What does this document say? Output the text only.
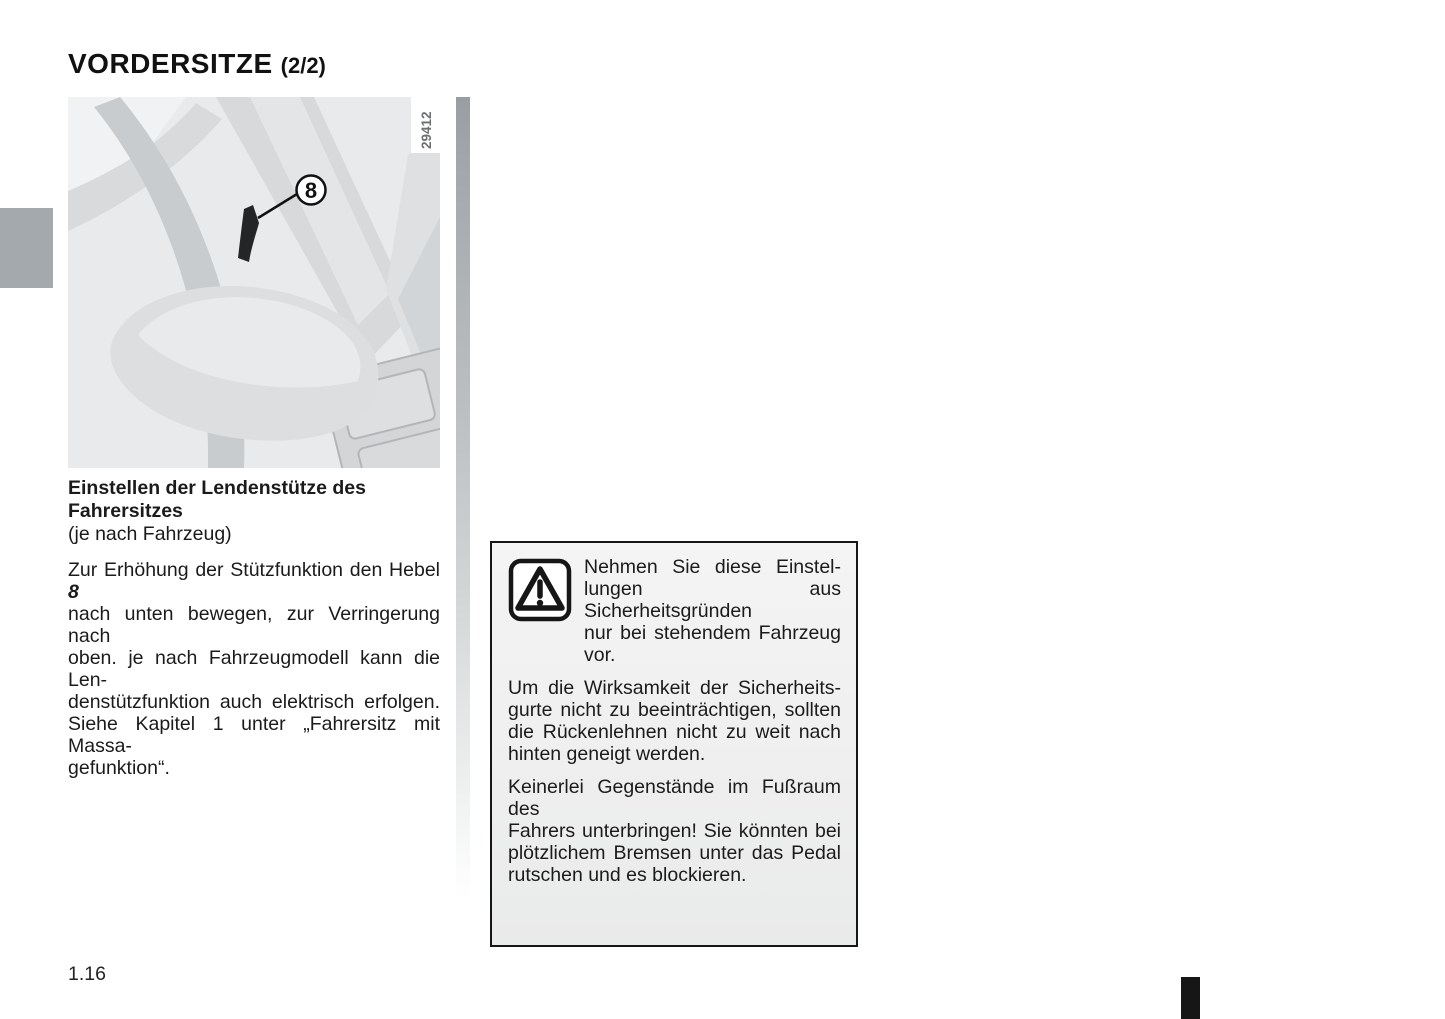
VORDERSITZE (2/2)
8
29412
Einstellen der Lendenstütze des
Fahrersitzes
(je nach Fahrzeug)
Zur Erhöhung der Stützfunktion den Hebel 8
nach unten bewegen, zur Verringerung nach
oben. je nach Fahrzeugmodell kann die Len-
denstützfunktion auch elektrisch erfolgen.
Siehe Kapitel 1 unter „Fahrersitz mit Massa-
gefunktion“.
Nehmen Sie diese Einstel-
lungen aus Sicherheitsgründen
nur bei stehendem Fahrzeug
vor.
Um die Wirksamkeit der Sicherheits-
gurte nicht zu beeinträchtigen, sollten
die Rückenlehnen nicht zu weit nach
hinten geneigt werden.
Keinerlei Gegenstände im Fußraum des
Fahrers unterbringen! Sie könnten bei
plötzlichem Bremsen unter das Pedal
rutschen und es blockieren.
1.16
